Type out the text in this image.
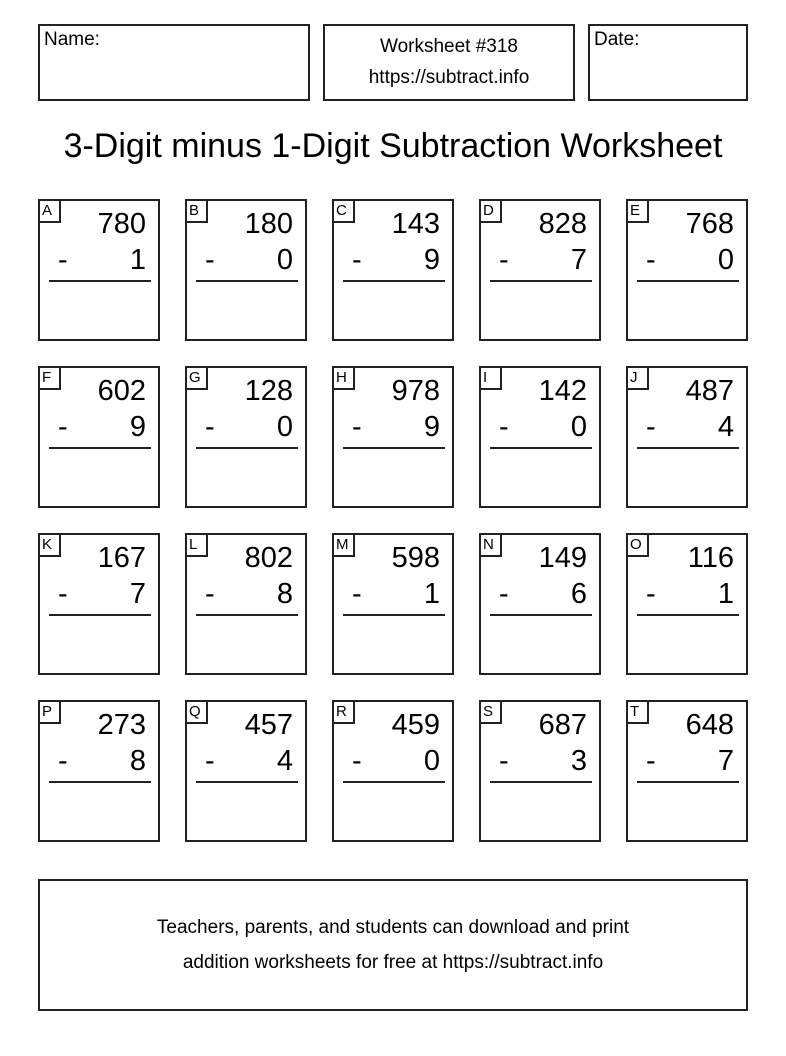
Name:	Worksheet #318
https://subtract.info
Date:
3-Digit minus 1-Digit Subtraction Worksheet
A	780
- 1
B	180
- 0
C 143
- 9
D 828
- 7
E	768
- 0
F	602
- 9
G 128
- 0
H 978
- 9
I	142
- 0
J	487
- 4
K	167
- 7
L	802
- 8
M 598
- 1
N 149
- 6
O 116
- 1
P	273
- 8
Q 457
- 4
R 459
- 0
S	687
- 3
T	648
- 7
Teachers, parents, and students can download and print
addition worksheets for free at https://subtract.info
